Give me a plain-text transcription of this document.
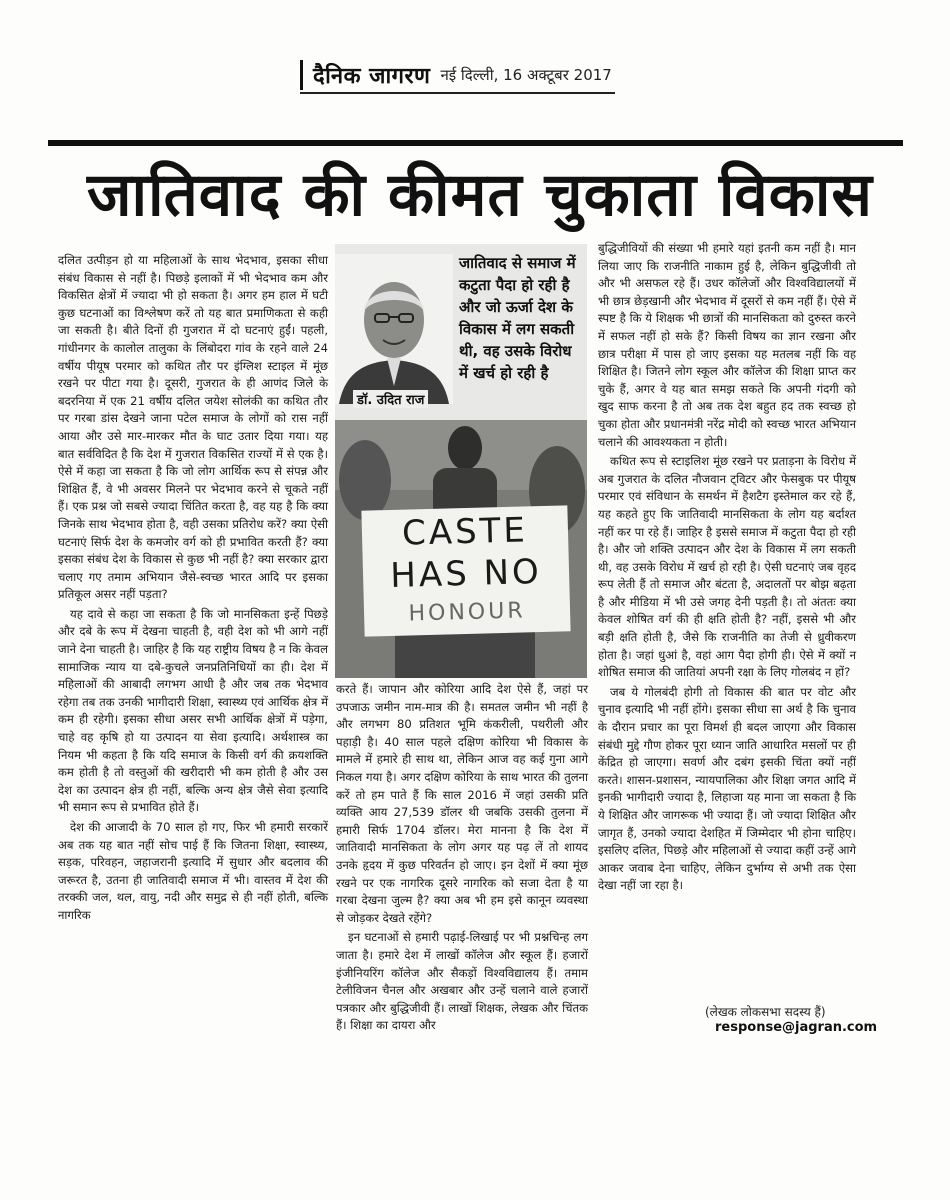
दैनिक जागरण नई दिल्ली, 16 अक्टूबर 2017
जातिवाद की कीमत चुकाता विकास

दलित उत्पीड़न हो या महिलाओं के साथ भेदभाव, इसका सीधा संबंध विकास से नहीं है। पिछड़े इलाकों में भी भेदभाव कम और विकसित क्षेत्रों में ज्यादा भी हो सकता है। अगर हम हाल में घटी कुछ घटनाओं का विश्लेषण करें तो यह बात प्रमाणिकता से कही जा सकती है। बीते दिनों ही गुजरात में दो घटनाएं हुईं। पहली, गांधीनगर के कालोल तालुका के लिंबोदरा गांव के रहने वाले 24 वर्षीय पीयूष परमार को कथित तौर पर इंग्लिश स्टाइल में मूंछ रखने पर पीटा गया है। दूसरी, गुजरात के ही आणंद जिले के बदरनिया में एक 21 वर्षीय दलित जयेश सोलंकी का कथित तौर पर गरबा डांस देखने जाना पटेल समाज के लोगों को रास नहीं आया और उसे मार-मारकर मौत के घाट उतार दिया गया। यह बात सर्वविदित है कि देश में गुजरात विकसित राज्यों में से एक है। ऐसे में कहा जा सकता है कि जो लोग आर्थिक रूप से संपन्न और शिक्षित हैं, वे भी अवसर मिलने पर भेदभाव करने से चूकते नहीं हैं। एक प्रश्न जो सबसे ज्यादा चिंतित करता है, वह यह है कि क्या जिनके साथ भेदभाव होता है, वही उसका प्रतिरोध करें? क्या ऐसी घटनाएं सिर्फ देश के कमजोर वर्ग को ही प्रभावित करती हैं? क्या इसका संबंध देश के विकास से कुछ भी नहीं है? क्या सरकार द्वारा चलाए गए तमाम अभियान जैसे-स्वच्छ भारत आदि पर इसका प्रतिकूल असर नहीं पड़ता?

यह दावे से कहा जा सकता है कि जो मानसिकता इन्हें पिछड़े और दबे के रूप में देखना चाहती है, वही देश को भी आगे नहीं जाने देना चाहती है। जाहिर है कि यह राष्ट्रीय विषय है न कि केवल सामाजिक न्याय या दबे-कुचले जनप्रतिनिधियों का ही। देश में महिलाओं की आबादी लगभग आधी है और जब तक भेदभाव रहेगा तब तक उनकी भागीदारी शिक्षा, स्वास्थ्य एवं आर्थिक क्षेत्र में कम ही रहेगी। इसका सीधा असर सभी आर्थिक क्षेत्रों में पड़ेगा, चाहे वह कृषि हो या उत्पादन या सेवा इत्यादि। अर्थशास्त्र का नियम भी कहता है कि यदि समाज के किसी वर्ग की क्रयशक्ति कम होती है तो वस्तुओं की खरीदारी भी कम होती है और उस देश का उत्पादन क्षेत्र ही नहीं, बल्कि अन्य क्षेत्र जैसे सेवा इत्यादि भी समान रूप से प्रभावित होते हैं।

देश की आजादी के 70 साल हो गए, फिर भी हमारी सरकारें अब तक यह बात नहीं सोच पाई हैं कि जितना शिक्षा, स्वास्थ्य, सड़क, परिवहन, जहाजरानी इत्यादि में सुधार और बदलाव की जरूरत है, उतना ही जातिवादी समाज में भी। वास्तव में देश की तरक्की जल, थल, वायु, नदी और समुद्र से ही नहीं होती, बल्कि नागरिक

डॉ. उदित राज
जातिवाद से समाज में कटुता पैदा हो रही है और जो ऊर्जा देश के विकास में लग सकती थी, वह उसके विरोध में खर्च हो रही है
CASTE
HAS NO
HONOUR

करते हैं। जापान और कोरिया आदि देश ऐसे हैं, जहां पर उपजाऊ जमीन नाम-मात्र की है। समतल जमीन भी नहीं है और लगभग 80 प्रतिशत भूमि कंकरीली, पथरीली और पहाड़ी है। 40 साल पहले दक्षिण कोरिया भी विकास के मामले में हमारे ही साथ था, लेकिन आज वह कई गुना आगे निकल गया है। अगर दक्षिण कोरिया के साथ भारत की तुलना करें तो हम पाते हैं कि साल 2016 में जहां उसकी प्रति व्यक्ति आय 27,539 डॉलर थी जबकि उसकी तुलना में हमारी सिर्फ 1704 डॉलर। मेरा मानना है कि देश में जातिवादी मानसिकता के लोग अगर यह पढ़ लें तो शायद उनके हृदय में कुछ परिवर्तन हो जाए। इन देशों में क्या मूंछ रखने पर एक नागरिक दूसरे नागरिक को सजा देता है या गरबा देखना जुल्म है? क्या अब भी हम इसे कानून व्यवस्था से जोड़कर देखते रहेंगे?

इन घटनाओं से हमारी पढ़ाई-लिखाई पर भी प्रश्नचिन्ह लग जाता है। हमारे देश में लाखों कॉलेज और स्कूल हैं। हजारों इंजीनियरिंग कॉलेज और सैकड़ों विश्वविद्यालय हैं। तमाम टेलीविजन चैनल और अखबार और उन्हें चलाने वाले हजारों पत्रकार और बुद्धिजीवी हैं। लाखों शिक्षक, लेखक और चिंतक हैं। शिक्षा का दायरा और

बुद्धिजीवियों की संख्या भी हमारे यहां इतनी कम नहीं है। मान लिया जाए कि राजनीति नाकाम हुई है, लेकिन बुद्धिजीवी तो और भी असफल रहे हैं। उधर कॉलेजों और विश्वविद्यालयों में भी छात्र छेड़खानी और भेदभाव में दूसरों से कम नहीं हैं। ऐसे में स्पष्ट है कि ये शिक्षक भी छात्रों की मानसिकता को दुरुस्त करने में सफल नहीं हो सके हैं? किसी विषय का ज्ञान रखना और छात्र परीक्षा में पास हो जाए इसका यह मतलब नहीं कि वह शिक्षित है। जितने लोग स्कूल और कॉलेज की शिक्षा प्राप्त कर चुके हैं, अगर वे यह बात समझ सकते कि अपनी गंदगी को खुद साफ करना है तो अब तक देश बहुत हद तक स्वच्छ हो चुका होता और प्रधानमंत्री नरेंद्र मोदी को स्वच्छ भारत अभियान चलाने की आवश्यकता न होती।

कथित रूप से स्टाइलिश मूंछ रखने पर प्रताड़ना के विरोध में अब गुजरात के दलित नौजवान ट्विटर और फेसबुक पर पीयूष परमार एवं संविधान के समर्थन में हैशटैग इस्तेमाल कर रहे हैं, यह कहते हुए कि जातिवादी मानसिकता के लोग यह बर्दाश्त नहीं कर पा रहे हैं। जाहिर है इससे समाज में कटुता पैदा हो रही है। और जो शक्ति उत्पादन और देश के विकास में लग सकती थी, वह उसके विरोध में खर्च हो रही है। ऐसी घटनाएं जब वृहद रूप लेती हैं तो समाज और बंटता है, अदालतों पर बोझ बढ़ता है और मीडिया में भी उसे जगह देनी पड़ती है। तो अंततः क्या केवल शोषित वर्ग की ही क्षति होती है? नहीं, इससे भी और बड़ी क्षति होती है, जैसे कि राजनीति का तेजी से ध्रुवीकरण होता है। जहां धुआं है, वहां आग पैदा होगी ही। ऐसे में क्यों न शोषित समाज की जातियां अपनी रक्षा के लिए गोलबंद न हों?

जब ये गोलबंदी होगी तो विकास की बात पर वोट और चुनाव इत्यादि भी नहीं होंगे। इसका सीधा सा अर्थ है कि चुनाव के दौरान प्रचार का पूरा विमर्श ही बदल जाएगा और विकास संबंधी मुद्दे गौण होकर पूरा ध्यान जाति आधारित मसलों पर ही केंद्रित हो जाएगा। सवर्ण और दबंग इसकी चिंता क्यों नहीं करते। शासन-प्रशासन, न्यायपालिका और शिक्षा जगत आदि में इनकी भागीदारी ज्यादा है, लिहाजा यह माना जा सकता है कि ये शिक्षित और जागरूक भी ज्यादा हैं। जो ज्यादा शिक्षित और जागृत हैं, उनको ज्यादा देशहित में जिम्मेदार भी होना चाहिए। इसलिए दलित, पिछड़े और महिलाओं से ज्यादा कहीं उन्हें आगे आकर जवाब देना चाहिए, लेकिन दुर्भाग्य से अभी तक ऐसा देखा नहीं जा रहा है।

(लेखक लोकसभा सदस्य हैं)
response@jagran.com
